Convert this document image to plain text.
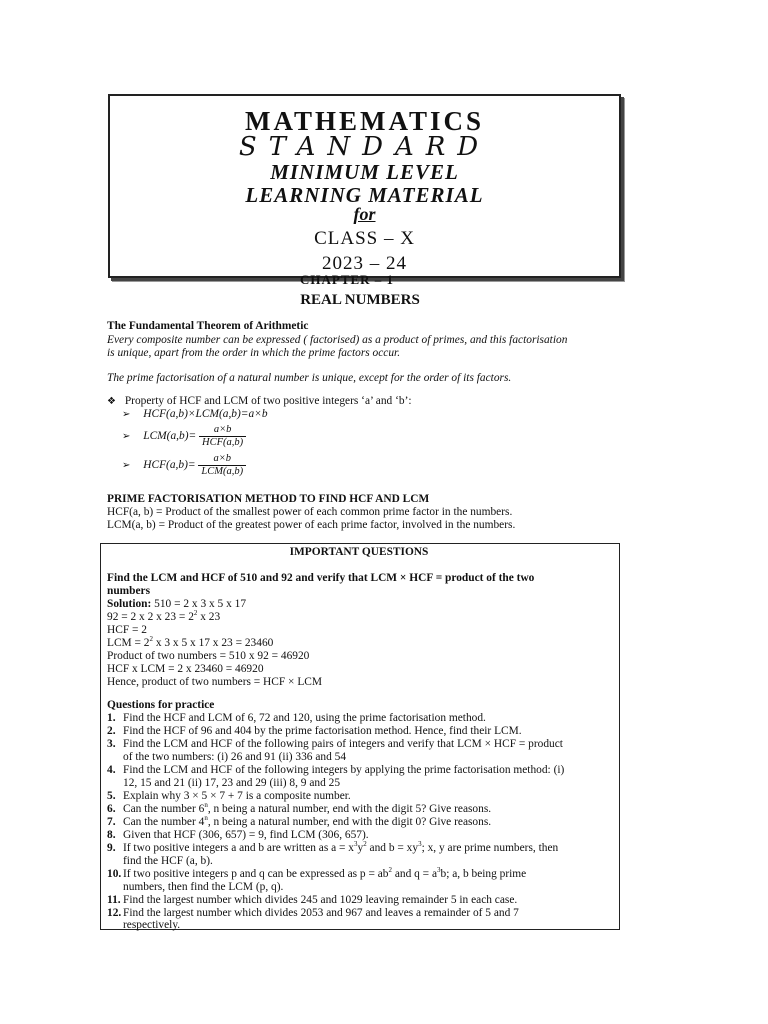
MATHEMATICS
STANDARD
MINIMUM LEVEL
LEARNING MATERIAL
for
CLASS – X
2023 – 24
CHAPTER – 1
REAL NUMBERS
The Fundamental Theorem of Arithmetic
Every composite number can be expressed ( factorised) as a product of primes, and this factorisation
is unique, apart from the order in which the prime factors occur.
The prime factorisation of a natural number is unique, except for the order of its factors.
❖ Property of HCF and LCM of two positive integers ‘a’ and ‘b’:
➢ HCF(a,b)×LCM(a,b)=a×b
➢ $LCM(a,b)= \frac{a\times b}{\text{HCF(a,b)}}$
➢ $HCF(a,b)= \frac{a\times b}{\text{LCM(a,b)}}$
PRIME FACTORISATION METHOD TO FIND HCF AND LCM
HCF(a, b) = Product of the smallest power of each common prime factor in the numbers.
LCM(a, b) = Product of the greatest power of each prime factor, involved in the numbers.
IMPORTANT QUESTIONS
Find the LCM and HCF of 510 and 92 and verify that LCM × HCF = product of the two
numbers
Solution: 510 = 2 x 3 x 5 x 17
92 = 2 x 2 x $23 = 2^2$ x 23
HCF = 2
LCM = $2^2$ x 3 x 5 x 17 x 23 = 23460
Product of two numbers = 510 x 92 = 46920
HCF x LCM = 2 x 23460 = 46920
Hence, product of two numbers = HCF × LCM
Questions for practice
1. Find the HCF and LCM of 6, 72 and 120, using the prime factorisation method.
2. Find the HCF of 96 and 404 by the prime factorisation method. Hence, find their LCM.
3. Find the LCM and HCF of the following pairs of integers and verify that LCM × HCF = product
of the two numbers: (i) 26 and 91 (ii) 336 and 54
4. Find the LCM and HCF of the following integers by applying the prime factorisation method: (i)
12, 15 and 21 (ii) 17, 23 and 29 (iii) 8, 9 and 25
5. Explain why 3 × 5 × 7 + 7 is a composite number.
6. Can the number 6$^n$, n being a natural number, end with the digit 5? Give reasons.
7. Can the number 4$^n$, n being a natural number, end with the digit 0? Give reasons.
8. Given that HCF (306, 657) = 9, find LCM (306, 657).
9. If two positive integers a and b are written as $a = x^3y^2$ and $b = xy^3$; x, y are prime numbers, then
find the HCF (a, b).
10. If two positive integers p and q can be expressed as $p = ab^2$ and $q = a^3b$; a, b being prime
numbers, then find the LCM (p, q).
11. Find the largest number which divides 245 and 1029 leaving remainder 5 in each case.
12. Find the largest number which divides 2053 and 967 and leaves a remainder of 5 and 7
respectively.
